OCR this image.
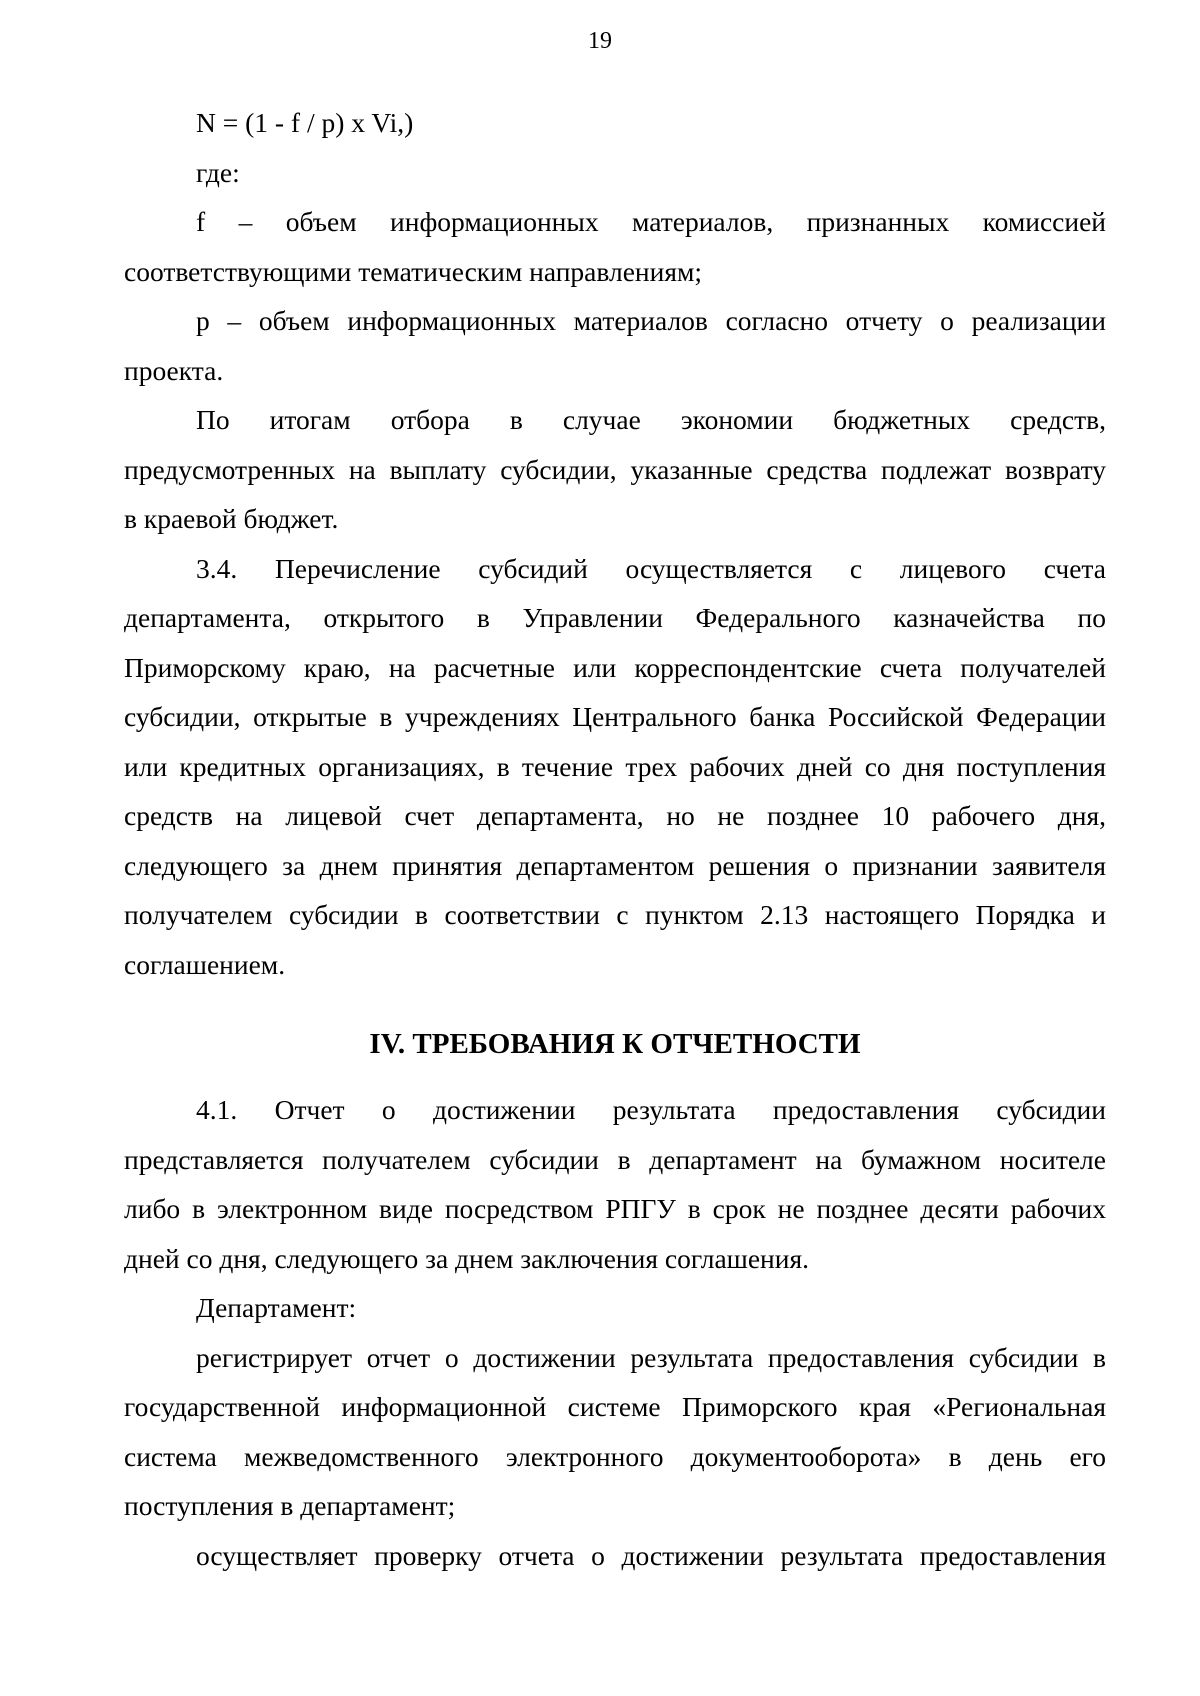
19
N = (1 - f / p) x Vi,)
где:
f – объем информационных материалов, признанных комиссией
соответствующими тематическим направлениям;
p – объем информационных материалов согласно отчету о реализации
проекта.
По итогам отбора в случае экономии бюджетных средств,
предусмотренных на выплату субсидии, указанные средства подлежат возврату
в краевой бюджет.
3.4. Перечисление субсидий осуществляется с лицевого счета
департамента, открытого в Управлении Федерального казначейства по
Приморскому краю, на расчетные или корреспондентские счета получателей
субсидии, открытые в учреждениях Центрального банка Российской Федерации
или кредитных организациях, в течение трех рабочих дней со дня поступления
средств на лицевой счет департамента, но не позднее 10 рабочего дня,
следующего за днем принятия департаментом решения о признании заявителя
получателем субсидии в соответствии с пунктом 2.13 настоящего Порядка и
соглашением.
IV. ТРЕБОВАНИЯ К ОТЧЕТНОСТИ
4.1. Отчет о достижении результата предоставления субсидии
представляется получателем субсидии в департамент на бумажном носителе
либо в электронном виде посредством РПГУ в срок не позднее десяти рабочих
дней со дня, следующего за днем заключения соглашения.
Департамент:
регистрирует отчет о достижении результата предоставления субсидии в
государственной информационной системе Приморского края «Региональная
система межведомственного электронного документооборота» в день его
поступления в департамент;
осуществляет проверку отчета о достижении результата предоставления
